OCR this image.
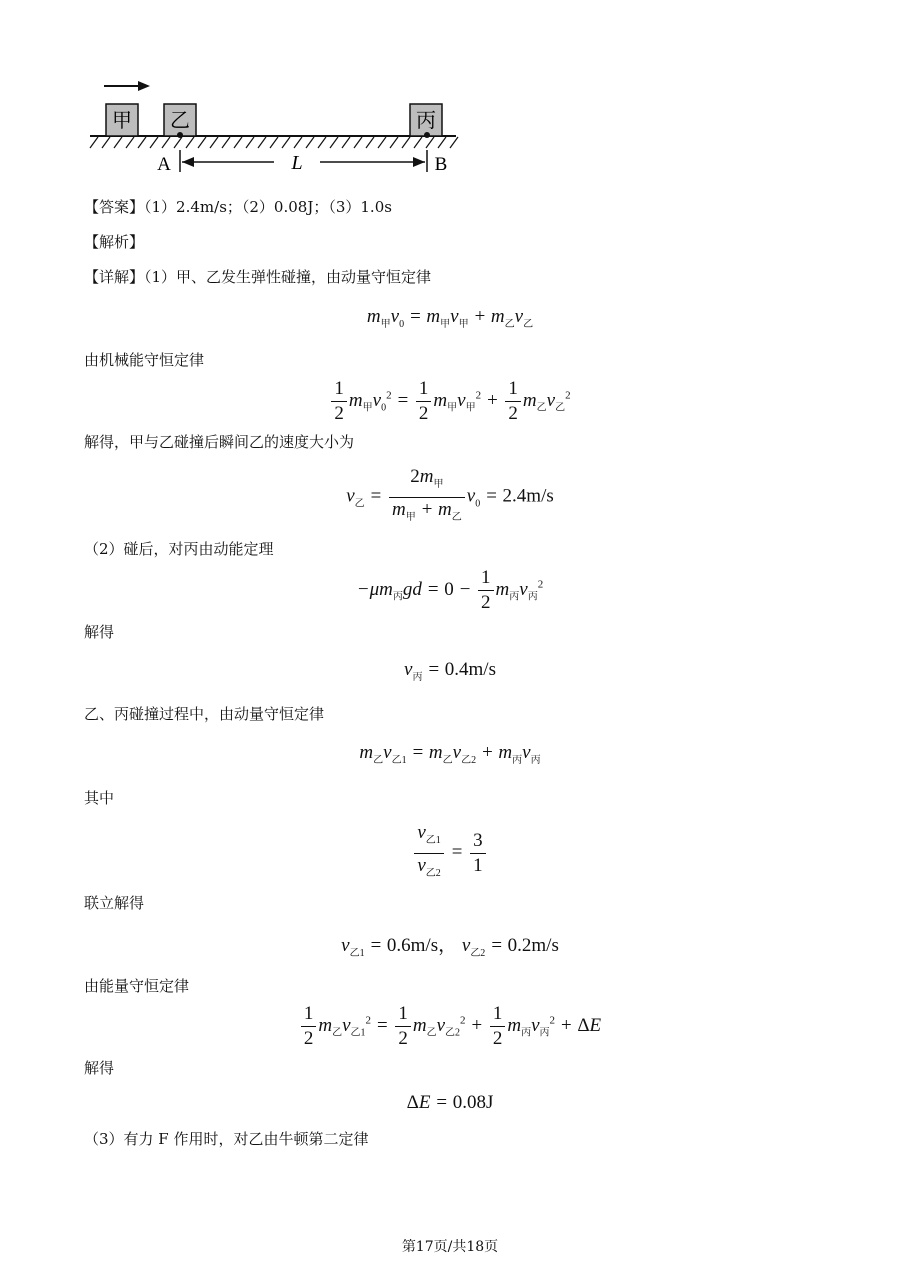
甲 乙	丙
L
A	B
【答案】（1）2.4m/s；（2）0.08J；（3）1.0s
【解析】
【详解】（1）甲、乙发生弹性碰撞，由动量守恒定律
$m_甲v_0 = m_甲v_甲 + m_乙v_乙$
由机械能守恒定律
$\frac{1}{2} m_甲v_0^2 = \frac{1}{2} m_甲v_甲^2 + \frac{1}{2} m_乙v_乙^2$
解得，甲与乙碰撞后瞬间乙的速度大小为
$v_乙 = \frac{2m_甲}{m_甲 + m_乙} v_0 = 2.4m/s$
（2）碰后，对丙由动能定理
$-\mu m_丙gd = 0 - \frac{1}{2} m_丙v_丙^2$
解得
$v_丙 = 0.4m/s$
乙、丙碰撞过程中，由动量守恒定律
$m_乙v_{乙1} = m_乙v_{乙2} + m_丙v_丙$
其中
$\frac{v_{乙1}}{v_{乙2}} = \frac{3}{1}$
联立解得
$v_{乙1} = 0.6m/s$， $v_{乙2} = 0.2m/s$
由能量守恒定律
$\frac{1}{2} m_乙v_{乙1}^2 = \frac{1}{2} m_乙v_{乙2}^2 + \frac{1}{2} m_丙v_丙^2 + \Delta E$
解得
ΔE = 0.08J
（3）有力 F 作用时，对乙由牛顿第二定律
第17页/共18页
